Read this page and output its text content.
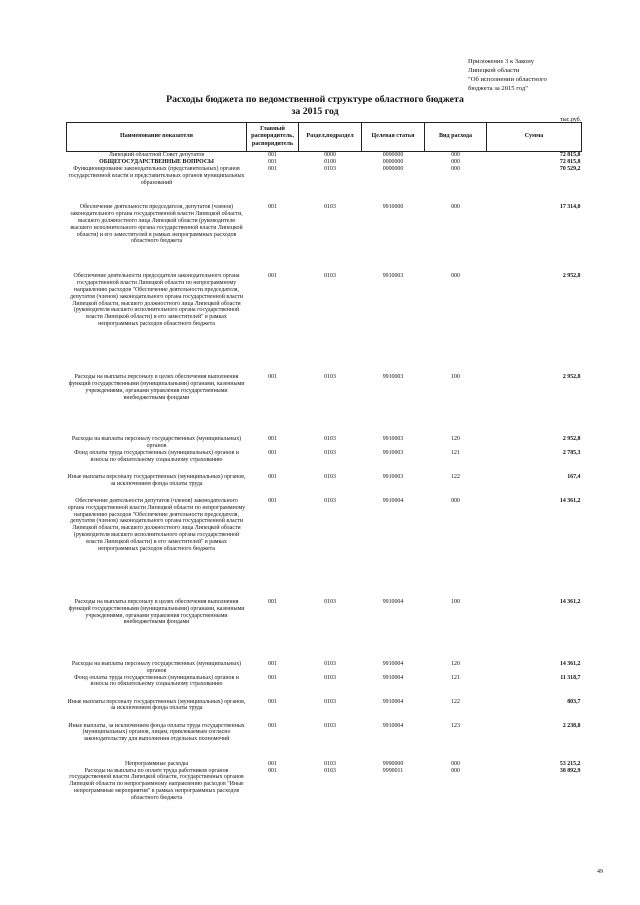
Приложение 3 к Закону
Липецкой области
"Об исполнении областного
бюджета за 2015 год"
Расходы бюджета по ведомственной структуре областного бюджета
за 2015 год
тыс.руб.
Наименование показателя	Главный распорядитель, распорядитель	Раздел,подраздел	Целевая статья	Вид расхода	Сумма
Липецкий областной Совет депутатов	001	0000	0000000	000	72 815,8
ОБЩЕГОСУДАРСТВЕННЫЕ ВОПРОСЫ	001	0100	0000000	000	72 815,8
Функционирование законодательных (представительных) органов государственной власти и представительных органов муниципальных образований	001	0103	0000000	000	70 529,2
Обеспечение деятельности председателя, депутатов (членов) законодательного органа государственной власти Липецкой области, высшего должностного лица Липецкой области (руководителя высшего исполнительного органа государственной власти Липецкой области) и его заместителей в рамках непрограммных расходов областного бюджета	001	0103	9910000	000	17 314,0
Обеспечение деятельности председателя законодательного органа государственной власти Липецкой области по непрограммному направлению расходов "Обеспечение деятельности председателя, депутатов (членов) законодательного органа государственной власти Липецкой области, высшего должностного лица Липецкой области (руководителя высшего исполнительного органа государственной власти Липецкой области) и его заместителей" в рамках непрограммных расходов областного бюджета	001	0103	9910003	000	2 952,8
Расходы на выплаты персоналу в целях обеспечения выполнения функций государственными (муниципальными) органами, казенными учреждениями, органами управления государственными внебюджетными фондами	001	0103	9910003	100	2 952,8
Расходы на выплаты персоналу государственных (муниципальных) органов	001	0103	9910003	120	2 952,8
Фонд оплаты труда государственных (муниципальных) органов и взносы по обязательному социальному страхованию	001	0103	9910003	121	2 785,3
Иные выплаты персоналу государственных (муниципальных) органов, за исключением фонда оплаты труда	001	0103	9910003	122	167,4
Обеспечение деятельности депутатов (членов) законодательного органа государственной власти Липецкой области по непрограммному направлению расходов "Обеспечение деятельности председателя, депутатов (членов) законодательного органа государственной власти Липецкой области, высшего должностного лица Липецкой области (руководителя высшего исполнительного органа государственной власти Липецкой области) и его заместителей" в рамках непрограммных расходов областного бюджета	001	0103	9910004	000	14 361,2
Расходы на выплаты персоналу в целях обеспечения выполнения функций государственными (муниципальными) органами, казенными учреждениями, органами управления государственными внебюджетными фондами	001	0103	9910004	100	14 361,2
Расходы на выплаты персоналу государственных (муниципальных) органов	001	0103	9910004	120	14 361,2
Фонд оплаты труда государственных (муниципальных) органов и взносы по обязательному социальному страхованию	001	0103	9910004	121	11 318,7
Иные выплаты персоналу государственных (муниципальных) органов, за исключением фонда оплаты труда	001	0103	9910004	122	803,7
Иные выплаты, за исключением фонда оплаты труда государственных (муниципальных) органов, лицам, привлекаемым согласно законодательству для выполнения отдельных полномочий	001	0103	9910004	123	2 238,8
Непрограммные расходы	001	0103	9990000	000	53 215,2
Расходы на выплаты по оплате труда работников органов государственной власти Липецкой области, государственных органов Липецкой области по непрограммному направлению расходов "Иные непрограммные мероприятия" в рамках непрограммных расходов областного бюджета	001	0103	9990011	000	38 892,9
49
